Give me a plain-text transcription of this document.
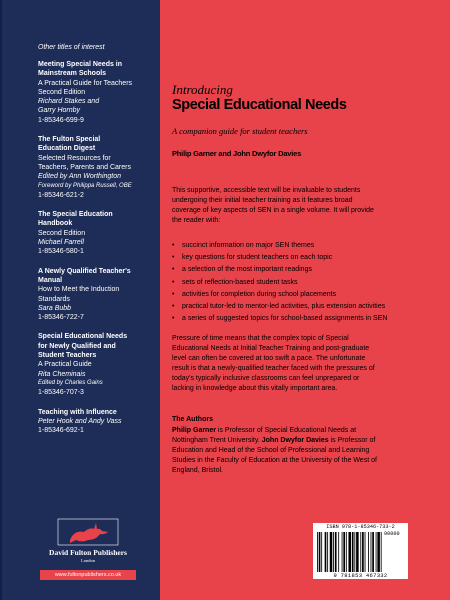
Other titles of interest
Meeting Special Needs in
Mainstream Schools
A Practical Guide for Teachers
Second Edition
Richard Stakes and
Garry Hornby
1-85346-699-9
The Fulton Special
Education Digest
Selected Resources for
Teachers, Parents and Carers
Edited by Ann Worthington
Foreword by Philippa Russell, OBE
1-85346-621-2
The Special Education
Handbook
Second Edition
Michael Farrell
1-85346-580-1
A Newly Qualified Teacher's
Manual
How to Meet the Induction
Standards
Sara Bubb
1-85346-722-7
Special Educational Needs
for Newly Qualified and
Student Teachers
A Practical Guide
Rita Cheminais
Edited by Charles Gains
1-85346-707-3
Teaching with Influence
Peter Hook and Andy Vass
1-85346-692-1
David Fulton Publishers
London
www.fultonpublishers.co.uk
Introducing
Special Educational Needs
A companion guide for student teachers
Philip Garner and John Dwyfor Davies
This supportive, accessible text will be invaluable to students
undergoing their initial teacher training as it features broad
coverage of key aspects of SEN in a single volume. It will provide
the reader with:
• succinct information on major SEN themes
• key questions for student teachers on each topic
• a selection of the most important readings
• sets of reflection-based student tasks
• activities for completion during school placements
• practical tutor-led to mentor-led activities, plus extension activities
• a series of suggested topics for school-based assignments in SEN
Pressure of time means that the complex topic of Special
Educational Needs at Initial Teacher Training and post-graduate
level can often be covered at too swift a pace. The unfortunate
result is that a newly-qualified teacher faced with the pressures of
today's typically inclusive classrooms can feel unprepared or
lacking in knowledge about this vitally important area.
The Authors
Philip Garner is Professor of Special Educational Needs at
Nottingham Trent University. John Dwyfor Davies is Professor of
Education and Head of the School of Professional and Learning
Studies in the Faculty of Education at the University of the West of
England, Bristol.
ISBN 978-1-85346-733-2
90000
9 781853 467332
